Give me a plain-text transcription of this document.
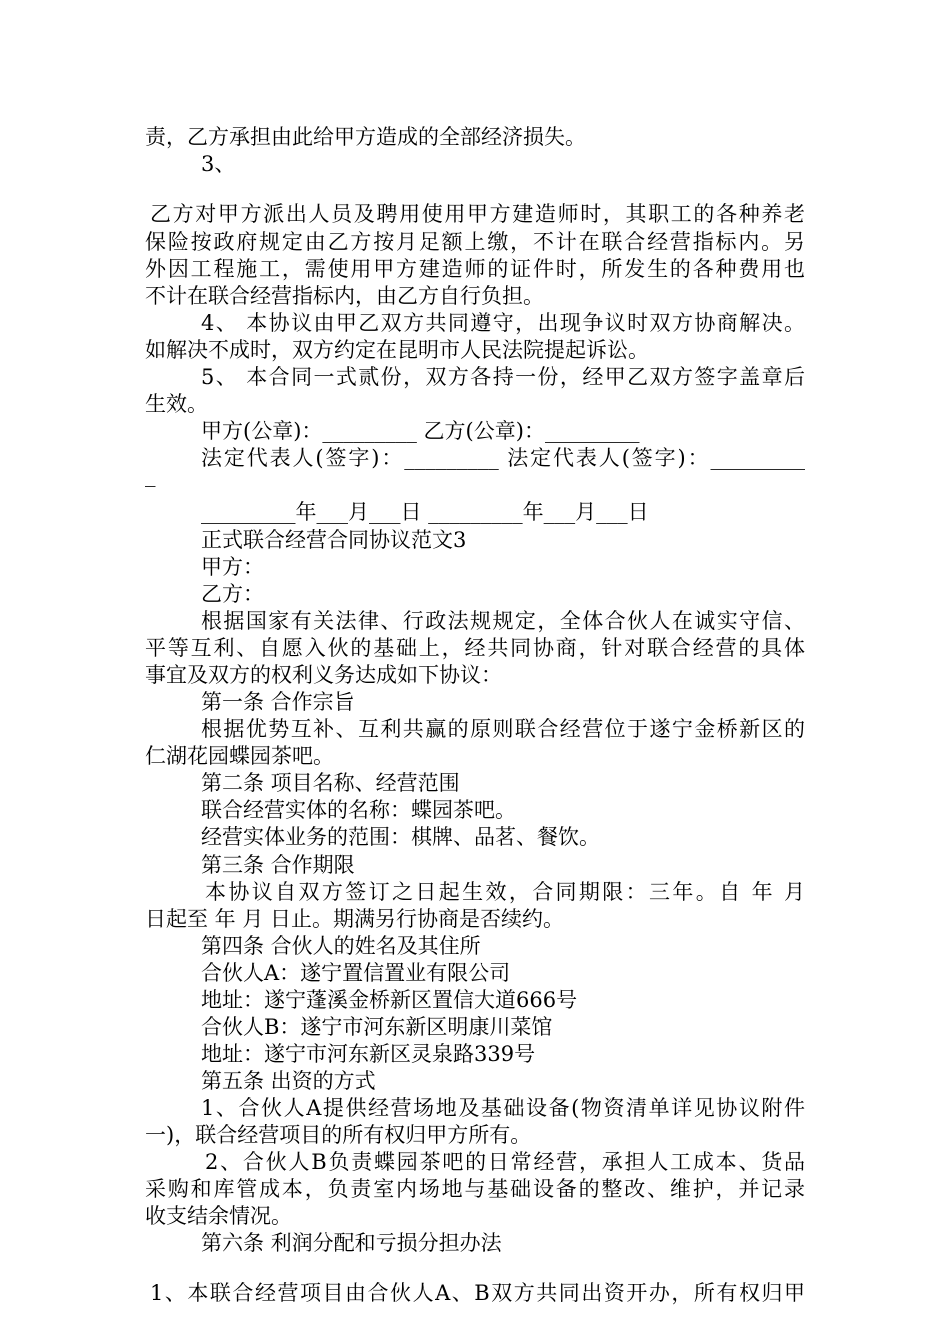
责，乙方承担由此给甲方造成的全部经济损失。
3、
乙方对甲方派出人员及聘用使用甲方建造师时，其职工的各种养老
保险按政府规定由乙方按月足额上缴，不计在联合经营指标内。另
外因工程施工，需使用甲方建造师的证件时，所发生的各种费用也
不计在联合经营指标内，由乙方自行负担。
4、 本协议由甲乙双方共同遵守，出现争议时双方协商解决。
如解决不成时，双方约定在昆明市人民法院提起诉讼。
5、 本合同一式贰份，双方各持一份，经甲乙双方签字盖章后
生效。
甲方(公章)：_________ 乙方(公章)：_________
法定代表人(签字)：_________ 法定代表人(签字)：_________
_
_________年___月___日 _________年___月___日
正式联合经营合同协议范文3
甲方：
乙方：
根据国家有关法律、行政法规规定，全体合伙人在诚实守信、
平等互利、自愿入伙的基础上，经共同协商，针对联合经营的具体
事宜及双方的权利义务达成如下协议：
第一条 合作宗旨
根据优势互补、互利共赢的原则联合经营位于遂宁金桥新区的
仁湖花园蝶园茶吧。
第二条 项目名称、经营范围
联合经营实体的名称：蝶园茶吧。
经营实体业务的范围：棋牌、品茗、餐饮。
第三条 合作期限
本协议自双方签订之日起生效，合同期限：三年。自 年 月
日起至 年 月 日止。期满另行协商是否续约。
第四条 合伙人的姓名及其住所
合伙人A：遂宁置信置业有限公司
地址：遂宁蓬溪金桥新区置信大道666号
合伙人B：遂宁市河东新区明康川菜馆
地址：遂宁市河东新区灵泉路339号
第五条 出资的方式
1、合伙人A提供经营场地及基础设备(物资清单详见协议附件
一)，联合经营项目的所有权归甲方所有。
2、合伙人B负责蝶园茶吧的日常经营，承担人工成本、货品
采购和库管成本，负责室内场地与基础设备的整改、维护，并记录
收支结余情况。
第六条 利润分配和亏损分担办法
1、本联合经营项目由合伙人A、B双方共同出资开办，所有权归甲
